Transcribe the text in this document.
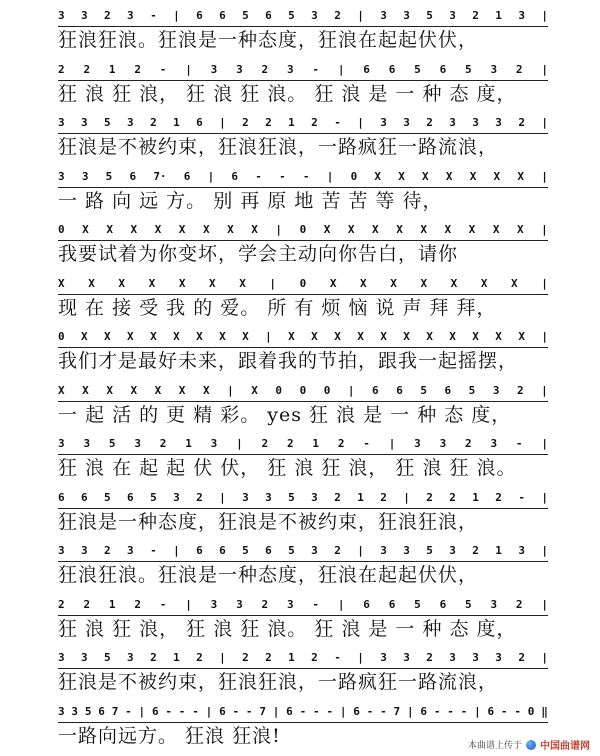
3 3 2 3 - | 6 6 5 6 5 3 2 | 3 3 5 3 2 1 3 |
狂浪狂浪。狂浪是一种态度，狂浪在起起伏伏，
2 2 1 2 - | 3 3 2 3 - | 6 6 5 6 5 3 2 |
狂 浪 狂 浪， 狂 浪 狂 浪。 狂 浪 是 一 种 态 度，
3 3 5 3 2 1 6 | 2 2 1 2 - | 3 3 2 3 3 3 2 |
狂浪是不被约束，狂浪狂浪，一路疯狂一路流浪，
3 3 5 6 7· 6 | 6 - - - | 0 X X X X X X X |
一 路 向 远 方。 别 再 原 地 苦 苦 等 待，
0 X X X X X X X X | 0 X X X X X X X X X |
我要试着为你变坏，学会主动向你告白，请你
X X X X X X X | 0 X X X X X X X |
现 在 接 受 我 的 爱。 所 有 烦 恼 说 声 拜 拜，
0 X X X X X X X X | X X X X X X X X X X X |
我们才是最好未来，跟着我的节拍，跟我一起摇摆，
X X X X X X X | X 0 0 0 | 6 6 5 6 5 3 2 |
一 起 活 的 更 精 彩。 yes 狂 浪 是 一 种 态 度，
3 3 5 3 2 1 3 | 2 2 1 2 - | 3 3 2 3 - |
狂 浪 在 起 起 伏 伏， 狂 浪 狂 浪， 狂 浪 狂 浪。
6 6 5 6 5 3 2 | 3 3 5 3 2 1 2 | 2 2 1 2 - |
狂浪是一种态度，狂浪是不被约束，狂浪狂浪，
3 3 2 3 - | 6 6 5 6 5 3 2 | 3 3 5 3 2 1 3 |
狂浪狂浪。狂浪是一种态度，狂浪在起起伏伏，
2 2 1 2 - | 3 3 2 3 - | 6 6 5 6 5 3 2 |
狂 浪 狂 浪， 狂 浪 狂 浪。 狂 浪 是 一 种 态 度，
3 3 5 3 2 1 2 | 2 2 1 2 - | 3 3 2 3 3 3 2 |
狂浪是不被约束，狂浪狂浪，一路疯狂一路流浪，
3 3 5 6 7 - | 6 - - - | 6 - - 7 | 6 - - - | 6 - - 7 | 6 - - - | 6 - - 0 ‖
一路向远方。 狂浪 狂浪!	本曲谱上传于 中国曲谱网
